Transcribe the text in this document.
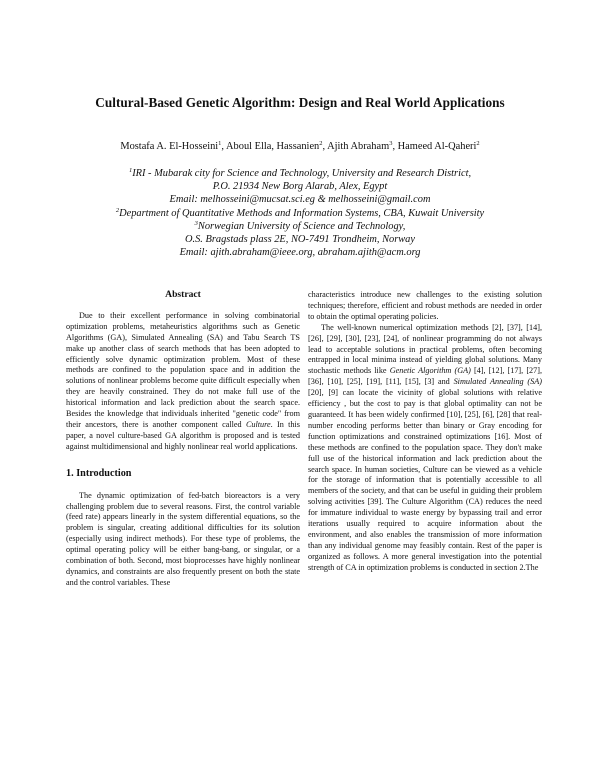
Cultural-Based Genetic Algorithm: Design and Real World Applications
Mostafa A. El-Hosseini$^1$, Aboul Ella, Hassanien$^2$, Ajith Abraham$^3$, Hameed Al-Qaheri$^2$

$^1$IRI - Mubarak city for Science and Technology, University and Research District,

P.O. 21934 New Borg Alarab, Alex, Egypt

Email: melhosseini@mucsat.sci.eg & melhosseini@gmail.com

$^2$Department of Quantitative Methods and Information Systems, CBA, Kuwait University

$^3$Norwegian University of Science and Technology,

O.S. Bragstads plass 2E, NO-7491 Trondheim, Norway

Email: ajith.abraham@ieee.org, abraham.ajith@acm.org

Abstract

Due to their excellent performance in solving combinatorial optimization problems, metaheuristics algorithms such as Genetic Algorithms (GA), Simulated Annealing (SA) and Tabu Search TS make up another class of search methods that has been adopted to efficiently solve dynamic optimization problem. Most of these methods are confined to the population space and in addition the solutions of nonlinear problems become quite difficult especially when they are heavily constrained. They do not make full use of the historical information and lack prediction about the search space. Besides the knowledge that individuals inherited "genetic code" from their ancestors, there is another component called Culture. In this paper, a novel culture-based GA algorithm is proposed and is tested against multidimensional and highly nonlinear real world applications.

1. Introduction

The dynamic optimization of fed-batch bioreactors is a very challenging problem due to several reasons. First, the control variable (feed rate) appears linearly in the system differential equations, so the problem is singular, creating additional difficulties for its solution (especially using indirect methods). For these type of problems, the optimal operating policy will be either bang-bang, or singular, or a combination of both. Second, most bioprocesses have highly nonlinear dynamics, and constraints are also frequently present on both the state and the control variables. These

characteristics introduce new challenges to the existing solution techniques; therefore, efficient and robust methods are needed in order to obtain the optimal operating policies.

The well-known numerical optimization methods [2], [37], [14], [26], [29], [30], [23], [24], of nonlinear programming do not always lead to acceptable solutions in practical problems, often becoming entrapped in local minima instead of yielding global solutions. Many stochastic methods like Genetic Algorithm (GA) [4], [12], [17], [27], [36], [10], [25], [19], [11], [15], [3] and Simulated Annealing (SA) [20], [9] can locate the vicinity of global solutions with relative efficiency , but the cost to pay is that global optimality can not be guaranteed. It has been widely confirmed [10], [25], [6], [28] that real-number encoding performs better than binary or Gray encoding for function optimizations and constrained optimizations [16]. Most of these methods are confined to the population space. They don't make full use of the historical information and lack prediction about the search space. In human societies, Culture can be viewed as a vehicle for the storage of information that is potentially accessible to all members of the society, and that can be useful in guiding their problem solving activities [39]. The Culture Algorithm (CA) reduces the need for immature individual to waste energy by bypassing trail and error iterations usually required to acquire information about the environment, and also enables the transmission of more information than any individual genome may feasibly contain. Rest of the paper is organized as follows. A more general investigation into the potential strength of CA in optimization problems is conducted in section 2.The
